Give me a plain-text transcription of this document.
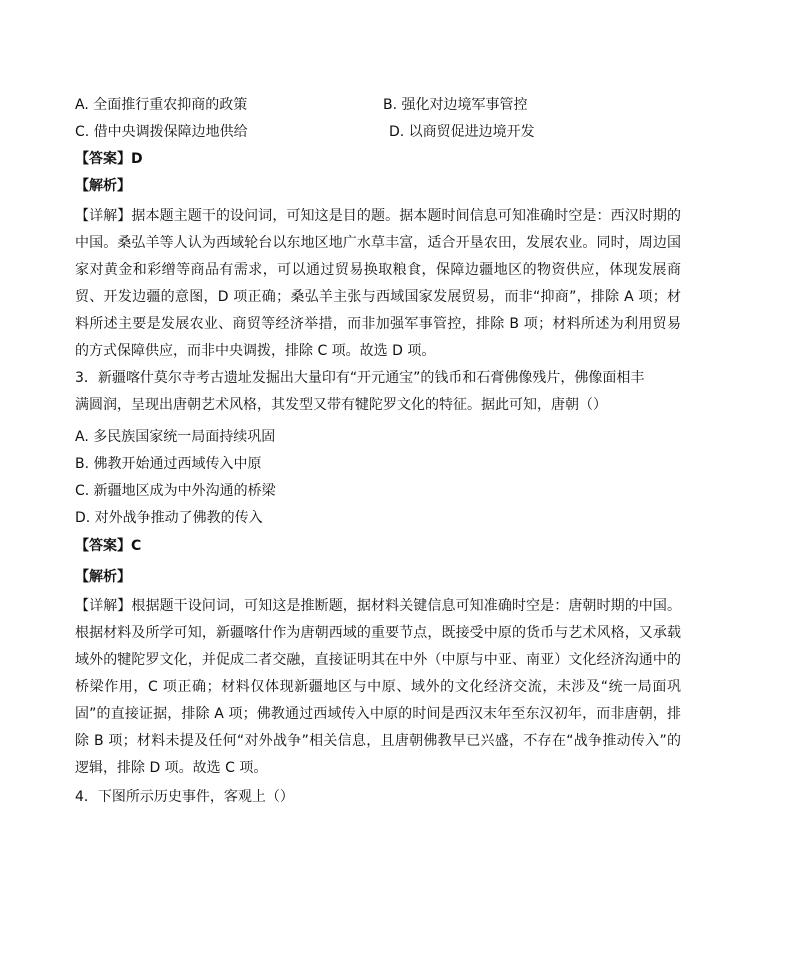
A. 全面推行重农抑商的政策	B. 强化对边境军事管控
C. 借中央调拨保障边地供给	D. 以商贸促进边境开发
【答案】D
【解析】
【详解】据本题主题干的设问词，可知这是目的题。据本题时间信息可知准确时空是：西汉时期的中国。桑弘羊等人认为西域轮台以东地区地广水草丰富，适合开垦农田，发展农业。同时，周边国家对黄金和彩缯等商品有需求，可以通过贸易换取粮食，保障边疆地区的物资供应，体现发展商贸、开发边疆的意图，D 项正确；桑弘羊主张与西域国家发展贸易，而非“抑商”，排除 A 项；材料所述主要是发展农业、商贸等经济举措，而非加强军事管控，排除 B 项；材料所述为利用贸易的方式保障供应，而非中央调拨，排除 C 项。故选 D 项。
3．新疆喀什莫尔寺考古遗址发掘出大量印有“开元通宝”的钱币和石膏佛像残片，佛像面相丰
满圆润，呈现出唐朝艺术风格，其发型又带有犍陀罗文化的特征。据此可知，唐朝（）
A. 多民族国家统一局面持续巩固
B. 佛教开始通过西域传入中原
C. 新疆地区成为中外沟通的桥梁
D. 对外战争推动了佛教的传入
【答案】C
【解析】
【详解】根据题干设问词，可知这是推断题，据材料关键信息可知准确时空是：唐朝时期的中国。根据材料及所学可知，新疆喀什作为唐朝西域的重要节点，既接受中原的货币与艺术风格，又承载域外的犍陀罗文化，并促成二者交融，直接证明其在中外（中原与中亚、南亚）文化经济沟通中的桥梁作用，C 项正确；材料仅体现新疆地区与中原、域外的文化经济交流，未涉及“统一局面巩固”的直接证据，排除 A 项；佛教通过西域传入中原的时间是西汉末年至东汉初年，而非唐朝，排除 B 项；材料未提及任何“对外战争”相关信息，且唐朝佛教早已兴盛，不存在“战争推动传入”的逻辑，排除 D 项。故选 C 项。
4．下图所示历史事件，客观上（）
